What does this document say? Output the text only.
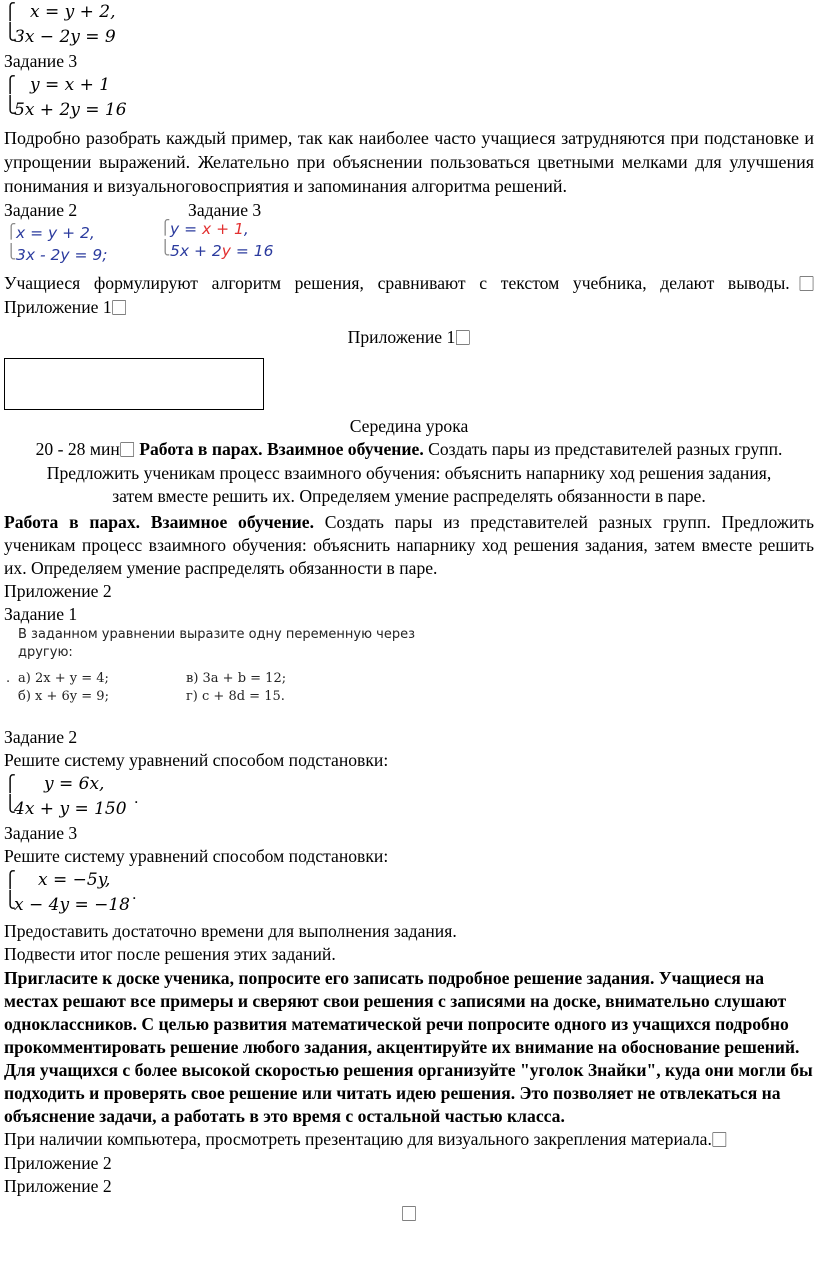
⎧
⎩
x = y + 2,
3x − 2y = 9

Задание 3

⎧
⎩
y = x + 1
5x + 2y = 16

Подробно разобрать каждый пример, так как наиболее часто учащиеся затрудняются при подстановке и упрощении выражений. Желательно при объяснении пользоваться цветными мелками для улучшения понимания и визуальноговосприятия и запоминания алгоритма решений.

Задание 2	Задание 3
⎧
⎩
x = y + 2,
3x - 2y = 9;
⎧
⎩
y = x + 1,
5x + 2y = 16

Учащиеся формулируют алгоритм решения, сравнивают с текстом учебника, делают выводы.⃞ Приложение 1⃞

Приложение 1⃞

Середина урока

20 - 28 мин⃞ Работа в парах. Взаимное обучение. Создать пары из представителей разных групп. Предложить ученикам процесс взаимного обучения: объяснить напарнику ход решения задания, затем вместе решить их. Определяем умение распределять обязанности в паре.

Работа в парах. Взаимное обучение. Создать пары из представителей разных групп. Предложить ученикам процесс взаимного обучения: объяснить напарнику ход решения задания, затем вместе решить их. Определяем умение распределять обязанности в паре.

Приложение 2

Задание 1

В заданном уравнении выразите одну переменную через другую:
. а) 2x + y = 4;	в) 3a + b = 12;
б) x + 6y = 9;	г) c + 8d = 15.

Задание 2

Решите систему уравнений способом подстановки:

⎧
⎩
y = 6x,
4x + y = 150 ˙

Задание 3

Решите систему уравнений способом подстановки:

⎧
⎩
x = −5y,
x − 4y = −18˙

Предоставить достаточно времени для выполнения задания.

Подвести итог после решения этих заданий.

Пригласите к доске ученика, попросите его записать подробное решение задания. Учащиеся на местах решают все примеры и сверяют свои решения с записями на доске, внимательно слушают одноклассников. С целью развития математической речи попросите одного из учащихся подробно прокомментировать решение любого задания, акцентируйте их внимание на обоснование решений. Для учащихся с более высокой скоростью решения организуйте "уголок Знайки", куда они могли бы подходить и проверять свое решение или читать идею решения. Это позволяет не отвлекаться на объяснение задачи, а работать в это время с остальной частью класса.

При наличии компьютера, просмотреть презентацию для визуального закрепления материала.⃞ Приложение 2

Приложение 2

⃞
